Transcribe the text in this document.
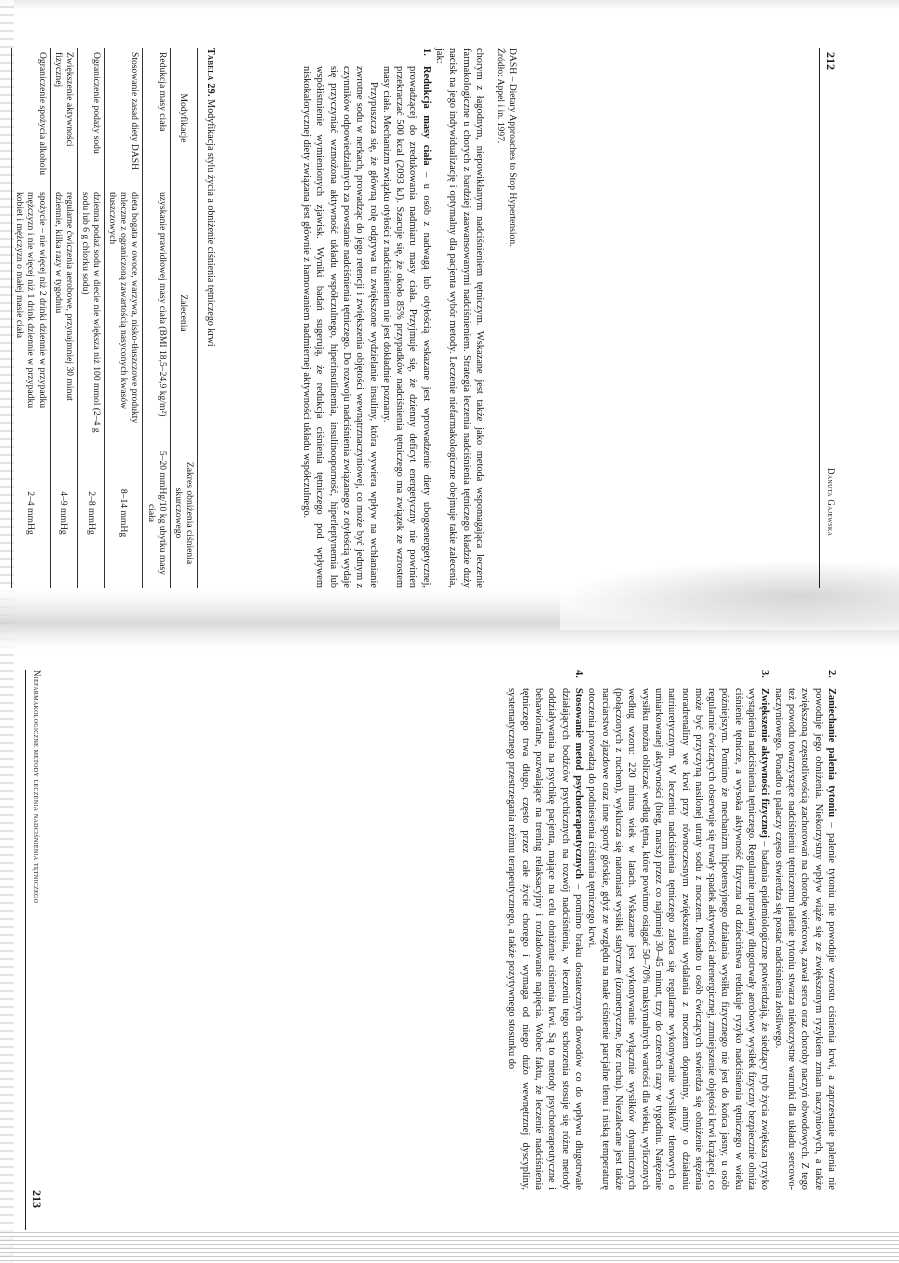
212
Danuta Gajewska
Tabela 29. Modyfikacja stylu życia a obniżenie ciśnienia tętniczego krwi
Modyfikacje	Zalecenia	Zakres obniżenia ciśnienia skurczowego
Redukcja masy ciała	uzyskanie prawidłowej masy ciała (BMI 18,5–24,9 kg/m²)	5–20 mmHg/10 kg ubytku masy ciała
Stosowanie zasad diety DASH	dieta bogata w owoce, warzywa, nisko-tłuszczowe produkty mleczne z ograniczoną zawartością nasyconych kwasów tłuszczowych	8–14 mmHg
Ograniczenie podaży sodu	dzienna podaż sodu w diecie nie większa niż 100 mmol (2–4 g sodu lub 6 g chlorku sodu)	2–8 mmHg
Zwiększenie aktywności fizycznej	regularne ćwiczenia aerobowe, przynajmniej 30 minut dziennie, kilka razy w tygodniu	4–9 mmHg
Ograniczenie spożycia alkoholu	spożycie – nie więcej niż 2 drinki dziennie w przypadku mężczyzn i nie więcej niż 1 drink dziennie w przypadku kobiet i mężczyzn o małej masie ciała	2–4 mmHg
DASH – Dietary Approaches to Stop Hypertension.
Źródło: Appel i in. 1997.

chorym z łagodnym, niepowikłanym nadciśnieniem tętniczym. Wskazane jest także jako metoda wspomagająca leczenie farmakologiczne u chorych z bardziej zaawansowanymi nadciśnieniem. Strategia leczenia nadciśnienia tętniczego kładzie duży nacisk na jego indywidualizację i optymalny dla pacjenta wybór metody. Leczenie niefarmakologiczne obejmuje takie zalecenia, jak:

1.
Redukcja masy ciała – u osób z nadwagą lub otyłością wskazane jest wprowadzenie diety ubogoenergetycznej, prowadzącej do zredukowania nadmiaru masy ciała. Przyjmuje się, że dzienny deficyt energetyczny nie powinien przekraczać 500 kcal (2093 kJ). Szacuje się, że około 85% przypadków nadciśnienia tętniczego ma związek ze wzrostem masy ciała. Mechanizm związku otyłości z nadciśnieniem nie jest dokładnie poznany.

Przypuszcza się, że główną rolę odgrywa tu zwiększone wydzielanie insuliny, która wywiera wpływ na wchłanianie zwrotne sodu w nerkach, prowadząc do jego retencji i zwiększenia objętości wewnątrznaczyniowej, co może być jednym z czynników odpowiedzialnych za powstanie nadciśnienia tętniczego. Do rozwoju nadciśnienia związanego z otyłością wydaje się przyczyniać wzmożona aktywność układu współczulnego, hiperinsulinemia, insulinooporność, hiperleptynemia lub współistnienie wymienionych zjawisk. Wyniki badań sugerują, że redukcja ciśnienia tętniczego pod wpływem niskokalorycznej diety związana jest głównie z hamowaniem nadmiernej aktywności układu współczulnego.

2.
Zaniechanie palenia tytoniu – palenie tytoniu nie powoduje wzrostu ciśnienia krwi, a zaprzestanie palenia nie powoduje jego obniżenia. Niekorzystny wpływ wiąże się ze zwiększonym ryzykiem zmian naczyniowych, a także zwiększoną częstotliwością zachorowań na chorobę wieńcową, zawał serca oraz choroby naczyń obwodowych. Z tego też powodu towarzyszące nadciśnieniu tętniczemu palenie tytoniu stwarza niekorzystne warunki dla układu sercowo-naczyniowego. Ponadto u palaczy często stwierdza się postać nadciśnienia złośliwego.
3.
Zwiększenie aktywności fizycznej – badania epidemiologiczne potwierdzają, że siedzący tryb życia zwiększa ryzyko wystąpienia nadciśnienia tętniczego. Regularnie uprawiany długotrwały aerobowy wysiłek fizyczny bezpiecznie obniża ciśnienie tętnicze, a wysoka aktywność fizyczna od dzieciństwa redukuje ryzyko nadciśnienia tętniczego w wieku późniejszym. Pomimo że mechanizm hipotensyjnego działania wysiłku fizycznego nie jest do końca jasny, u osób regularnie ćwiczących obserwuje się trwały spadek aktywności adrenergicznej, zmniejszenie objętości krwi krążącej, co może być przyczyną nasilonej utraty sodu z moczem. Ponadto u osób ćwiczących stwierdza się obniżenie stężenia noradrenaliny we krwi przy równoczesnym zwiększeniu wydalania z moczem dopaminy, aminy o działaniu natriuretycznym. W leczeniu nadciśnienia tętniczego zaleca się regularne wykonywanie wysiłków tlenowych o umiarkowanej aktywności (bieg, marsz) przez co najmniej 30–45 minut, trzy do czterech razy w tygodniu. Natężenie wysiłku można obliczać według tętna, które powinno osiągać 50–70% maksymalnych wartości dla wieku, wyliczonych według wzoru: 220 minus wiek w latach. Wskazane jest wykonywanie wyłącznie wysiłków dynamicznych (połączonych z ruchem), wyklucza się natomiast wysiłki statyczne (izometryczne, bez ruchu). Niezalecane jest także narciarstwo zjazdowe oraz inne sporty górskie, gdyż ze względu na małe ciśnienie parcjalne tlenu i niską temperaturę otoczenia prowadzą do podniesienia ciśnienia tętniczego krwi.
4.
Stosowanie metod psychoterapeutycznych – pomimo braku dostatecznych dowodów co do wpływu długotrwale działających bodźców psychicznych na rozwój nadciśnienia, w leczeniu tego schorzenia stosuje się różne metody oddziaływania na psychikę pacjenta, mające na celu obniżenie ciśnienia krwi. Są to metody psychoterapeutyczne i behawioralne, pozwalające na trening relaksacyjny i rozładowanie napięcia. Wobec faktu, że leczenie nadciśnienia tętniczego trwa długo, często przez całe życie chorego i wymaga od niego dużo wewnętrznej dyscypliny, systematycznego przestrzegania reżimu terapeutycznego, a także pozytywnego stosunku do
Niefarmakologiczne metody leczenia nadciśnienia tętniczego
213
